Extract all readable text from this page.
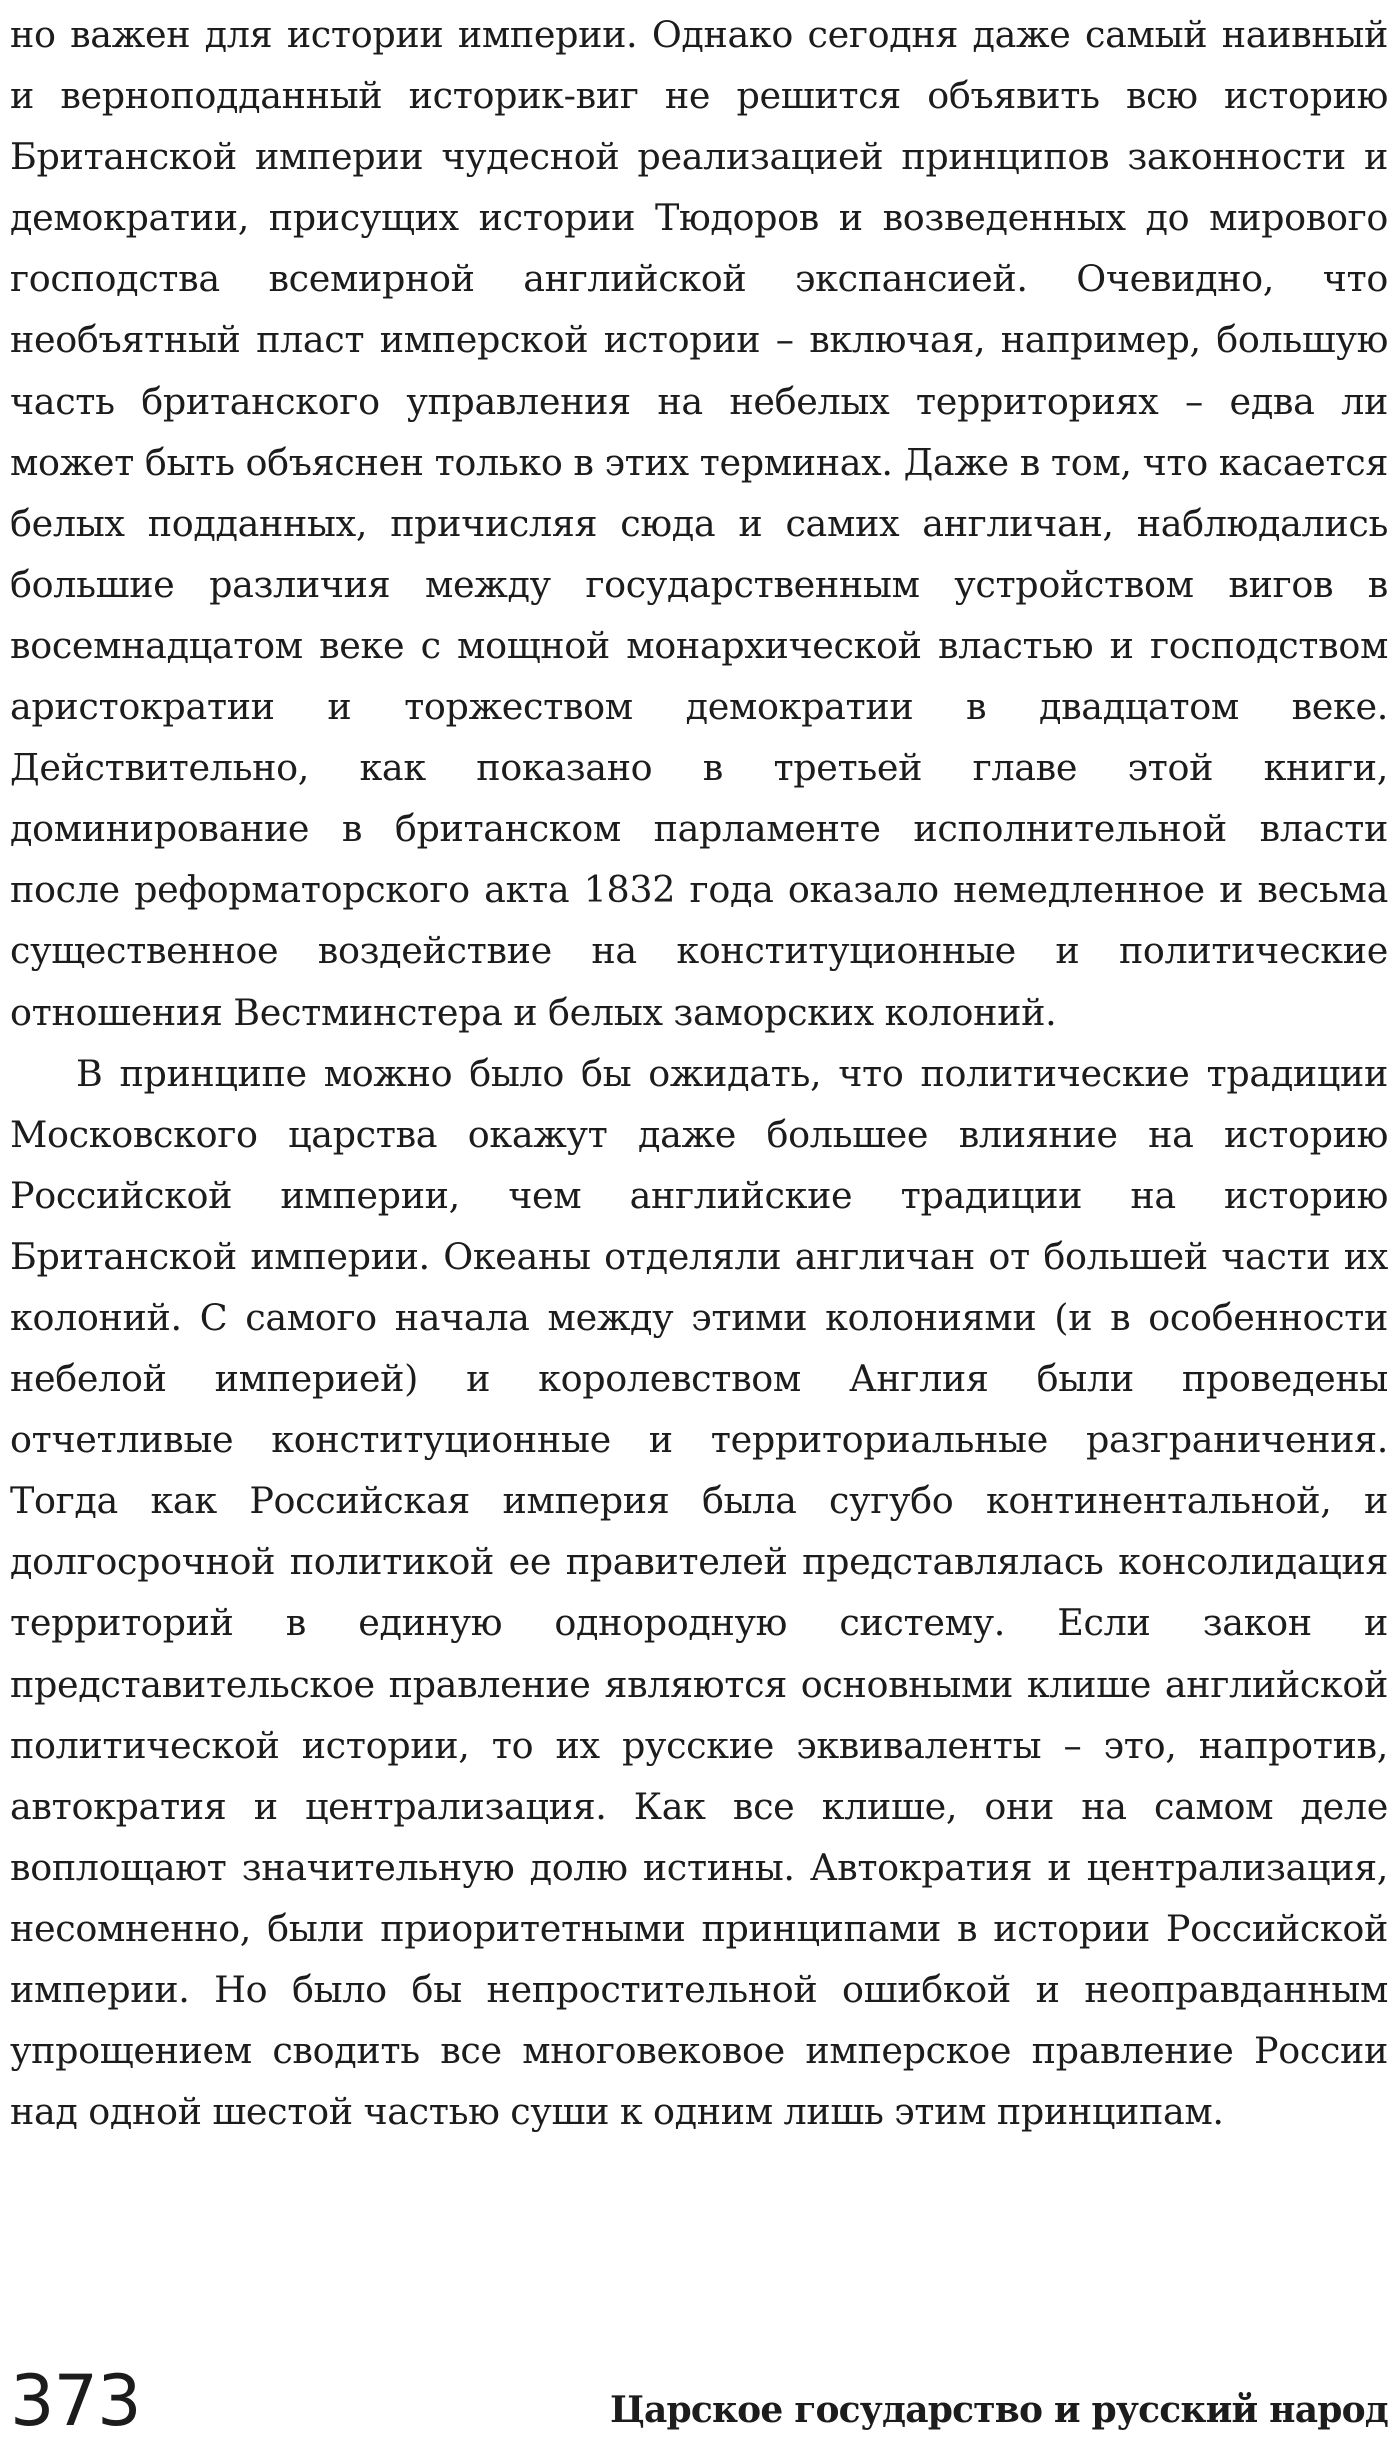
но важен для истории империи. Однако сегодня даже самый наивный и верноподданный историк-виг не решится объявить всю историю Британской империи чудесной реализацией принципов законности и демократии, присущих истории Тюдоров и возведенных до мирового господства всемирной английской экспансией. Очевидно, что необъятный пласт имперской истории – включая, например, большую часть британского управления на небелых территориях – едва ли может быть объяснен только в этих терминах. Даже в том, что касается белых подданных, причисляя сюда и самих англичан, наблюдались большие различия между государственным устройством вигов в восемнадцатом веке с мощной монархической властью и господством аристократии и торжеством демократии в двадцатом веке. Действительно, как показано в третьей главе этой книги, доминирование в британском парламенте исполнительной власти после реформаторского акта 1832 года оказало немедленное и весьма существенное воздействие на конституционные и политические отношения Вестминстера и белых заморских колоний.

В принципе можно было бы ожидать, что политические традиции Московского царства окажут даже большее влияние на историю Российской империи, чем английские традиции на историю Британской империи. Океаны отделяли англичан от большей части их колоний. С самого начала между этими колониями (и в особенности небелой империей) и королевством Англия были проведены отчетливые конституционные и территориальные разграничения. Тогда как Российская империя была сугубо континентальной, и долгосрочной политикой ее правителей представлялась консолидация территорий в единую однородную систему. Если закон и представительское правление являются основными клише английской политической истории, то их русские эквиваленты – это, напротив, автократия и централизация. Как все клише, они на самом деле воплощают значительную долю истины. Автократия и централизация, несомненно, были приоритетными принципами в истории Российской империи. Но было бы непростительной ошибкой и неоправданным упрощением сводить все многовековое имперское правление России над одной шестой частью суши к одним лишь этим принципам.

373	Царское государство и русский народ
